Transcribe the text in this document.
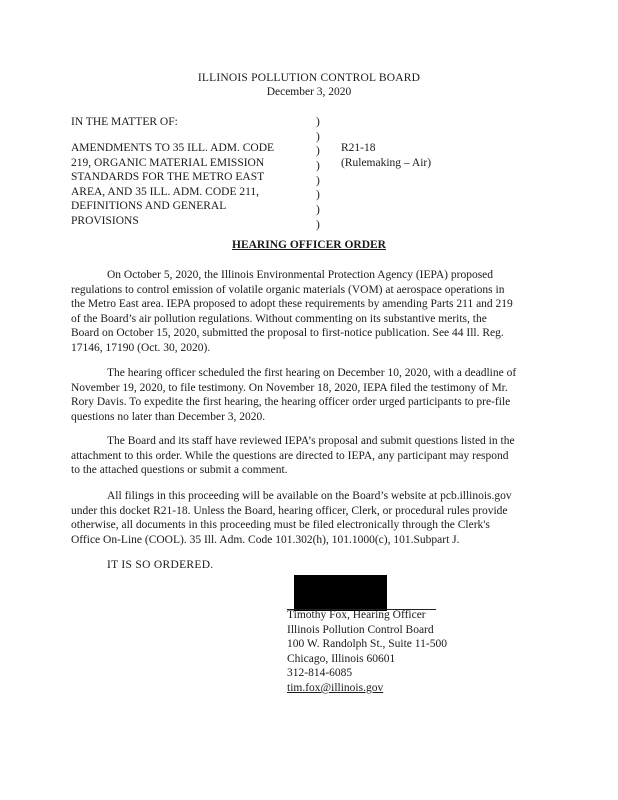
ILLINOIS POLLUTION CONTROL BOARD
December 3, 2020
IN THE MATTER OF:
AMENDMENTS TO 35 ILL. ADM. CODE
219, ORGANIC MATERIAL EMISSION
STANDARDS FOR THE METRO EAST
AREA, AND 35 ILL. ADM. CODE 211,
DEFINITIONS AND GENERAL
PROVISIONS
)
)
)
)
)
)
)
)
R21-18
(Rulemaking – Air)
HEARING OFFICER ORDER
On October 5, 2020, the Illinois Environmental Protection Agency (IEPA) proposed
regulations to control emission of volatile organic materials (VOM) at aerospace operations in
the Metro East area. IEPA proposed to adopt these requirements by amending Parts 211 and 219
of the Board’s air pollution regulations. Without commenting on its substantive merits, the
Board on October 15, 2020, submitted the proposal to first-notice publication. See 44 Ill. Reg.
17146, 17190 (Oct. 30, 2020).
The hearing officer scheduled the first hearing on December 10, 2020, with a deadline of
November 19, 2020, to file testimony. On November 18, 2020, IEPA filed the testimony of Mr.
Rory Davis. To expedite the first hearing, the hearing officer order urged participants to pre-file
questions no later than December 3, 2020.
The Board and its staff have reviewed IEPA’s proposal and submit questions listed in the
attachment to this order. While the questions are directed to IEPA, any participant may respond
to the attached questions or submit a comment.
All filings in this proceeding will be available on the Board’s website at pcb.illinois.gov
under this docket R21-18. Unless the Board, hearing officer, Clerk, or procedural rules provide
otherwise, all documents in this proceeding must be filed electronically through the Clerk's
Office On-Line (COOL). 35 Ill. Adm. Code 101.302(h), 101.1000(c), 101.Subpart J.
IT IS SO ORDERED.
Timothy Fox, Hearing Officer
Illinois Pollution Control Board
100 W. Randolph St., Suite 11-500
Chicago, Illinois 60601
312-814-6085
tim.fox@illinois.gov
